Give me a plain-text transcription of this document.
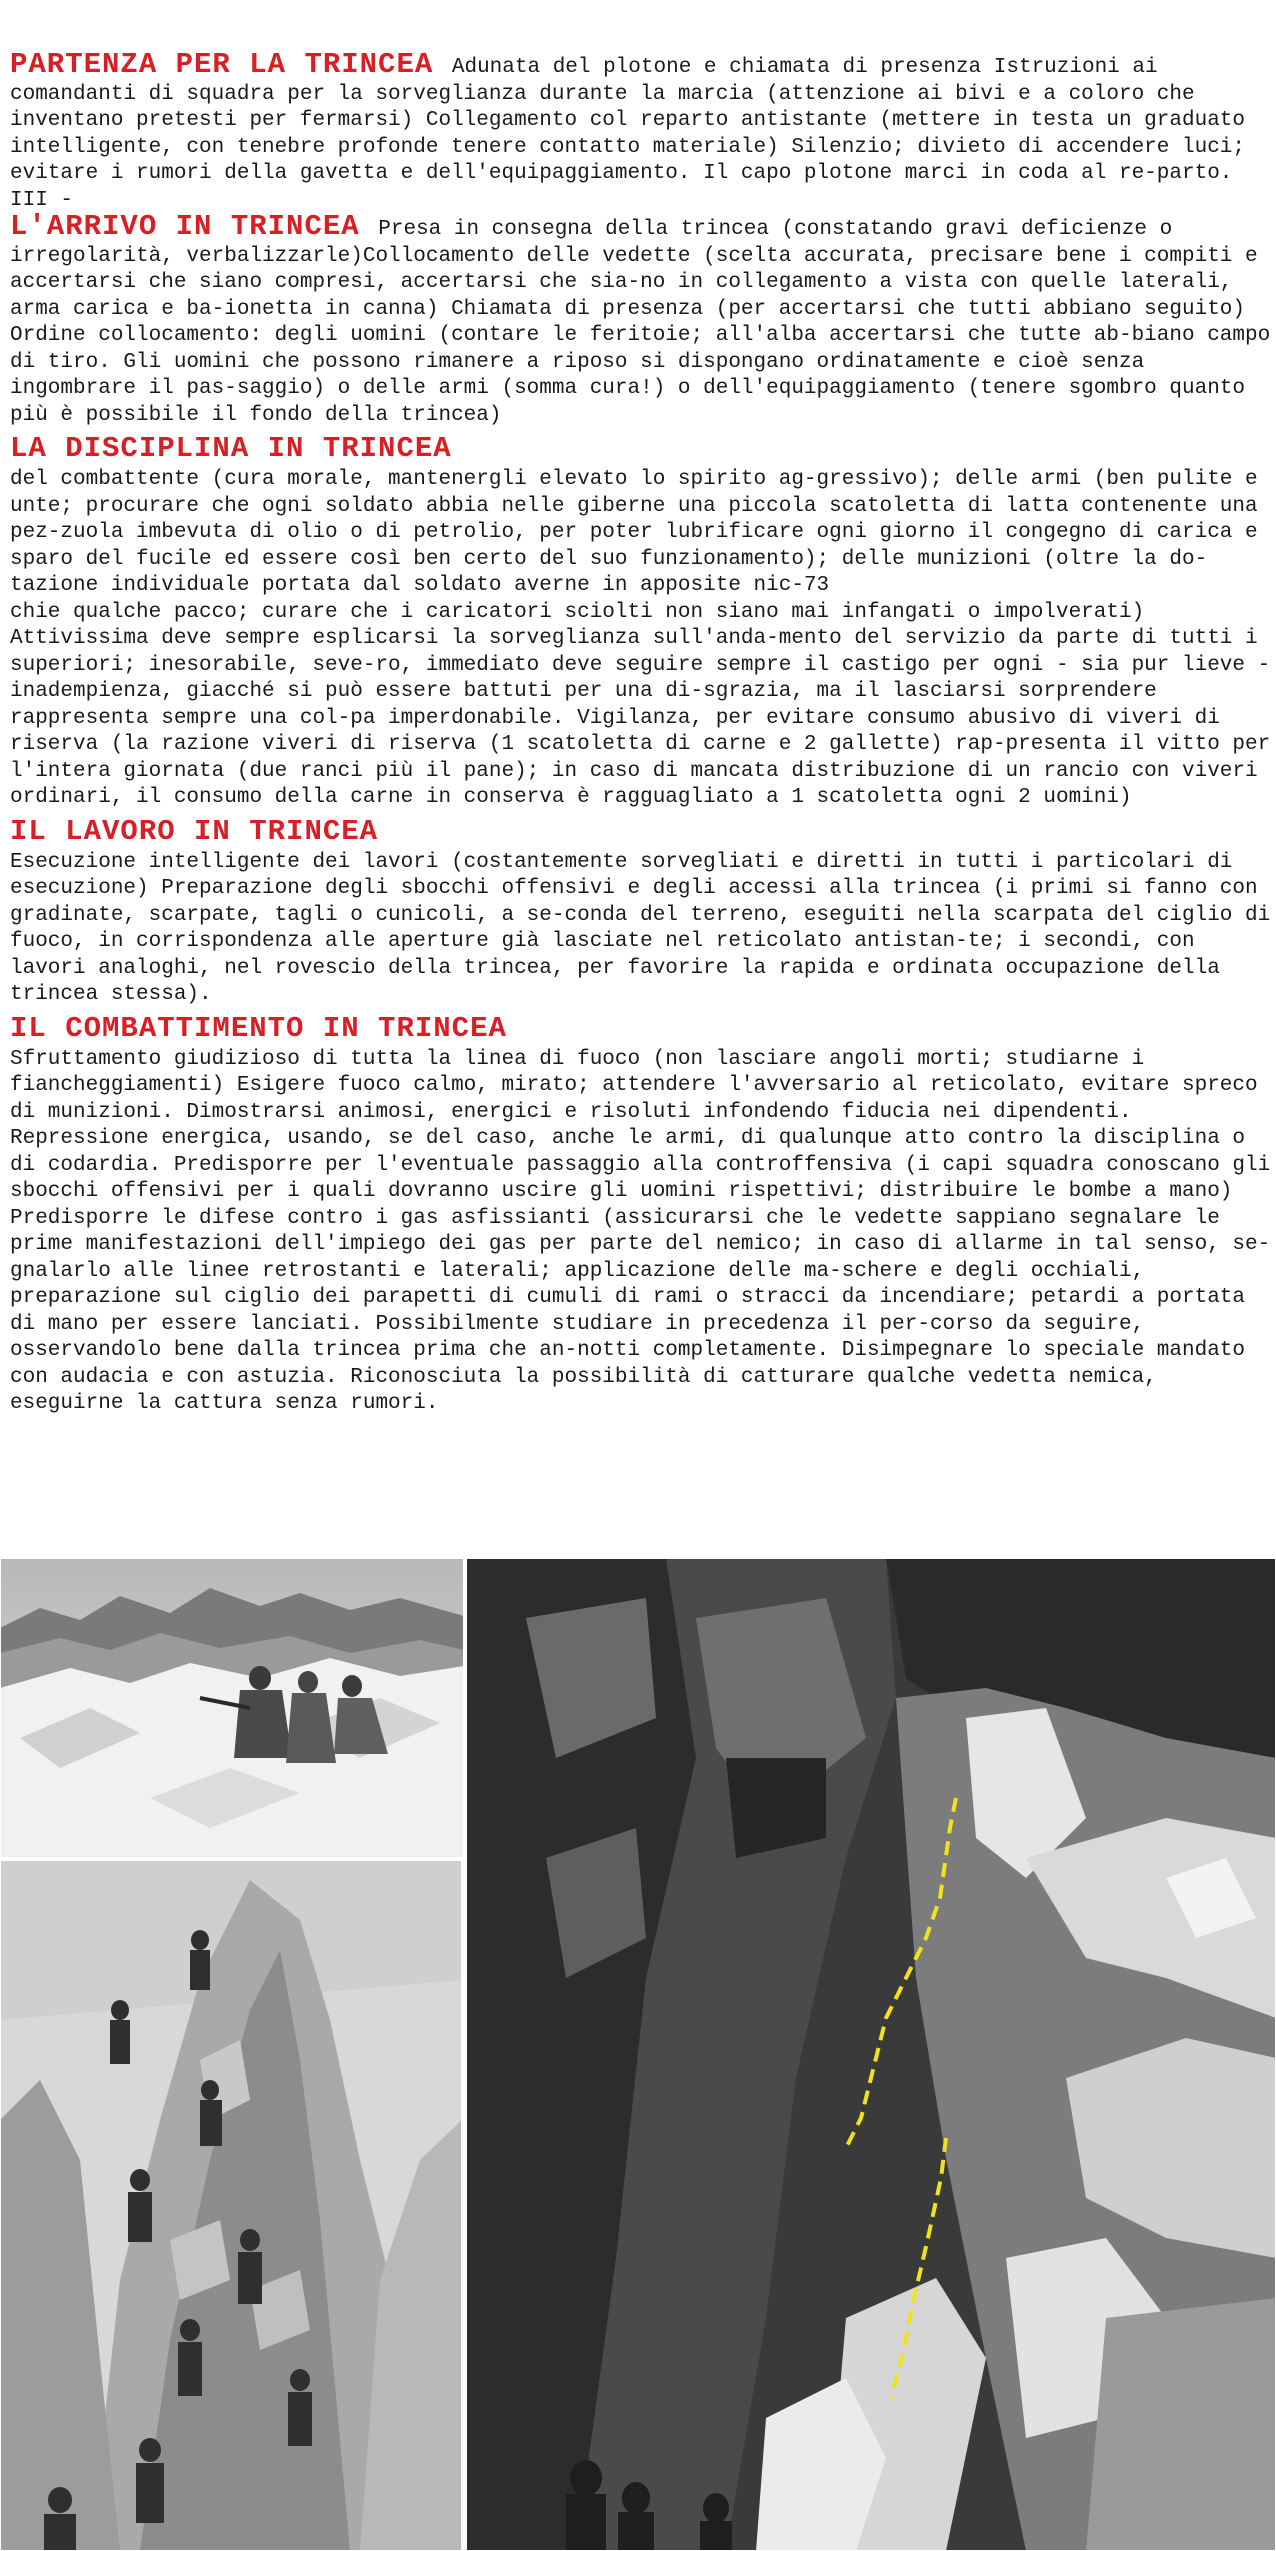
PARTENZA PER LA TRINCEA Adunata del plotone e chiamata di presenza Istruzioni ai comandanti di squadra per la sorveglianza durante la marcia (attenzione ai bivi e a coloro che inventano pretesti per fermarsi) Collegamento col reparto antistante (mettere in testa un graduato intelligente, con tenebre profonde tenere contatto materiale) Silenzio; divieto di accendere luci; evitare i rumori della gavetta e dell'equipaggiamento. Il capo plotone marci in coda al re-parto. III -

L'ARRIVO IN TRINCEA Presa in consegna della trincea (constatando gravi deficienze o irregolarità, verbalizzarle)Collocamento delle vedette (scelta accurata, precisare bene i compiti e accertarsi che siano compresi, accertarsi che sia-no in collegamento a vista con quelle laterali, arma carica e ba-ionetta in canna) Chiamata di presenza (per accertarsi che tutti abbiano seguito) Ordine collocamento: degli uomini (contare le feritoie; all'alba accertarsi che tutte ab-biano campo di tiro. Gli uomini che possono rimanere a riposo si dispongano ordinatamente e cioè senza ingombrare il pas-saggio) o delle armi (somma cura!) o dell'equipaggiamento (tenere sgombro quanto più è possibile il fondo della trincea)

LA DISCIPLINA IN TRINCEA
del combattente (cura morale, mantenergli elevato lo spirito ag-gressivo); delle armi (ben pulite e unte; procurare che ogni soldato abbia nelle giberne una piccola scatoletta di latta contenente una pez-zuola imbevuta di olio o di petrolio, per poter lubrificare ogni giorno il congegno di carica e sparo del fucile ed essere così ben certo del suo funzionamento); delle munizioni (oltre la do-tazione individuale portata dal soldato averne in apposite nic-73
chie qualche pacco; curare che i caricatori sciolti non siano mai infangati o impolverati) Attivissima deve sempre esplicarsi la sorveglianza sull'anda-mento del servizio da parte di tutti i superiori; inesorabile, seve-ro, immediato deve seguire sempre il castigo per ogni - sia pur lieve - inadempienza, giacché si può essere battuti per una di-sgrazia, ma il lasciarsi sorprendere rappresenta sempre una col-pa imperdonabile. Vigilanza, per evitare consumo abusivo di viveri di riserva (la razione viveri di riserva (1 scatoletta di carne e 2 gallette) rap-presenta il vitto per l'intera giornata (due ranci più il pane); in caso di mancata distribuzione di un rancio con viveri ordinari, il consumo della carne in conserva è ragguagliato a 1 scatoletta ogni 2 uomini)
IL LAVORO IN TRINCEA
Esecuzione intelligente dei lavori (costantemente sorvegliati e diretti in tutti i particolari di esecuzione) Preparazione degli sbocchi offensivi e degli accessi alla trincea (i primi si fanno con gradinate, scarpate, tagli o cunicoli, a se-conda del terreno, eseguiti nella scarpata del ciglio di fuoco, in corrispondenza alle aperture già lasciate nel reticolato antistan-te; i secondi, con lavori analoghi, nel rovescio della trincea, per favorire la rapida e ordinata occupazione della trincea stessa).
IL COMBATTIMENTO IN TRINCEA
Sfruttamento giudizioso di tutta la linea di fuoco (non lasciare angoli morti; studiarne i fiancheggiamenti) Esigere fuoco calmo, mirato; attendere l'avversario al reticolato, evitare spreco di munizioni. Dimostrarsi animosi, energici e risoluti infondendo fiducia nei dipendenti.
Repressione energica, usando, se del caso, anche le armi, di qualunque atto contro la disciplina o di codardia. Predisporre per l'eventuale passaggio alla controffensiva (i capi squadra conoscano gli sbocchi offensivi per i quali dovranno uscire gli uomini rispettivi; distribuire le bombe a mano) Predisporre le difese contro i gas asfissianti (assicurarsi che le vedette sappiano segnalare le prime manifestazioni dell'impiego dei gas per parte del nemico; in caso di allarme in tal senso, se-gnalarlo alle linee retrostanti e laterali; applicazione delle ma-schere e degli occhiali, preparazione sul ciglio dei parapetti di cumuli di rami o stracci da incendiare; petardi a portata di mano per essere lanciati. Possibilmente studiare in precedenza il per-corso da seguire, osservandolo bene dalla trincea prima che an-notti completamente. Disimpegnare lo speciale mandato con audacia e con astuzia. Riconosciuta la possibilità di catturare qualche vedetta nemica, eseguirne la cattura senza rumori.
